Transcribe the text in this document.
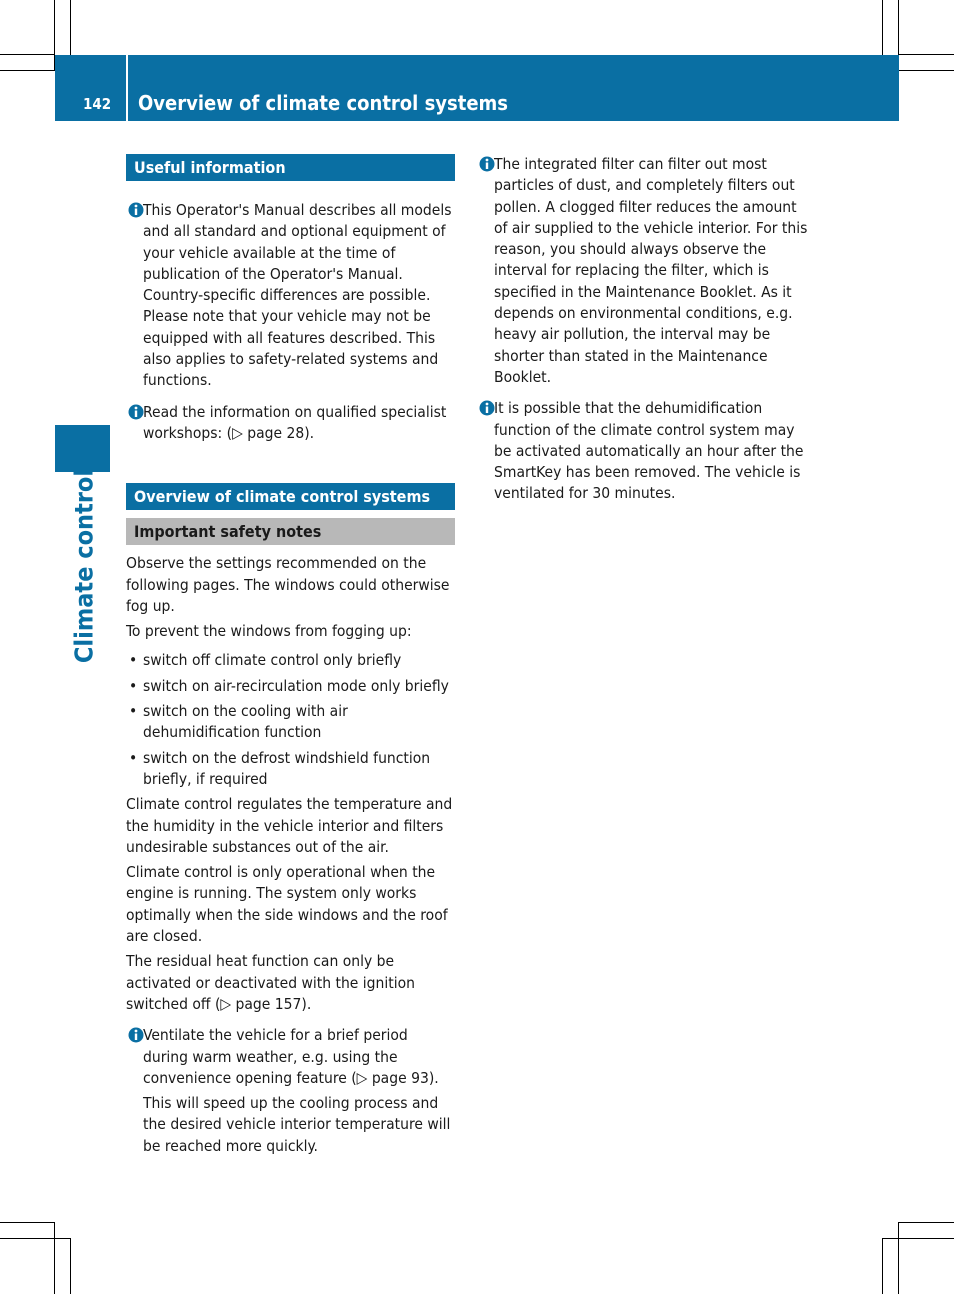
142 Overview of climate control systems
Climate control
Useful information

This Operator's Manual describes all models and all standard and optional equipment of your vehicle available at the time of publication of the Operator's Manual. Country-specific differences are possible. Please note that your vehicle may not be equipped with all features described. This also applies to safety-related systems and functions.

Read the information on qualified specialist workshops: (▷ page 28).

Overview of climate control systems
Important safety notes

Observe the settings recommended on the following pages. The windows could otherwise fog up.

To prevent the windows from fogging up:

• switch off climate control only briefly
• switch on air-recirculation mode only briefly
• switch on the cooling with air dehumidification function
• switch on the defrost windshield function briefly, if required

Climate control regulates the temperature and the humidity in the vehicle interior and filters undesirable substances out of the air.

Climate control is only operational when the engine is running. The system only works optimally when the side windows and the roof are closed.

The residual heat function can only be activated or deactivated with the ignition switched off (▷ page 157).

Ventilate the vehicle for a brief period during warm weather, e.g. using the convenience opening feature (▷ page 93).

This will speed up the cooling process and the desired vehicle interior temperature will be reached more quickly.

The integrated filter can filter out most particles of dust, and completely filters out pollen. A clogged filter reduces the amount of air supplied to the vehicle interior. For this reason, you should always observe the interval for replacing the filter, which is specified in the Maintenance Booklet. As it depends on environmental conditions, e.g. heavy air pollution, the interval may be shorter than stated in the Maintenance Booklet.

It is possible that the dehumidification function of the climate control system may be activated automatically an hour after the SmartKey has been removed. The vehicle is ventilated for 30 minutes.
